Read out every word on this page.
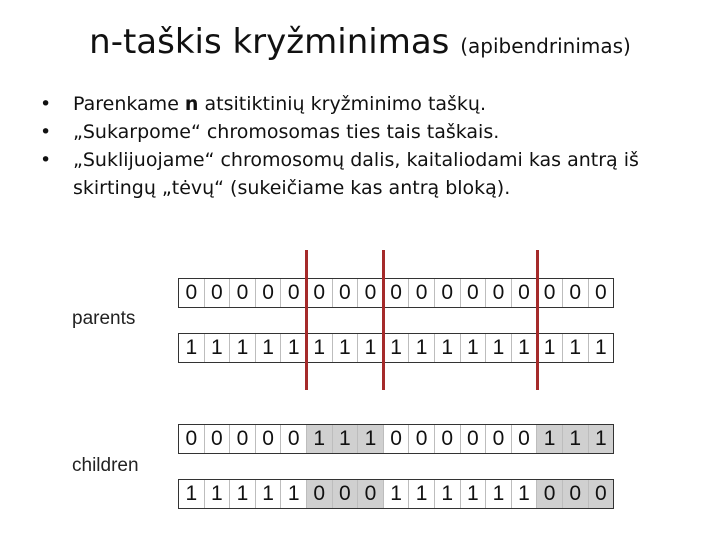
n-taškis kryžminimas (apibendrinimas)
• Parenkame n atsitiktinių kryžminimo taškų.
• „Sukarpome“ chromosomas ties tais taškais.
• „Suklijuojame“ chromosomų dalis, kaitaliodami kas antrą iš skirtingų „tėvų“ (sukeičiame kas antrą bloką).
parents
children
0 0 0 0 0 0 0 0 0 0 0 0 0 0 0 0 0
1 1 1 1 1 1 1 1 1 1 1 1 1 1 1 1 1
0 0 0 0 0 1 1 1 0 0 0 0 0 0 1 1 1
1 1 1 1 1 0 0 0 1 1 1 1 1 1 0 0 0
